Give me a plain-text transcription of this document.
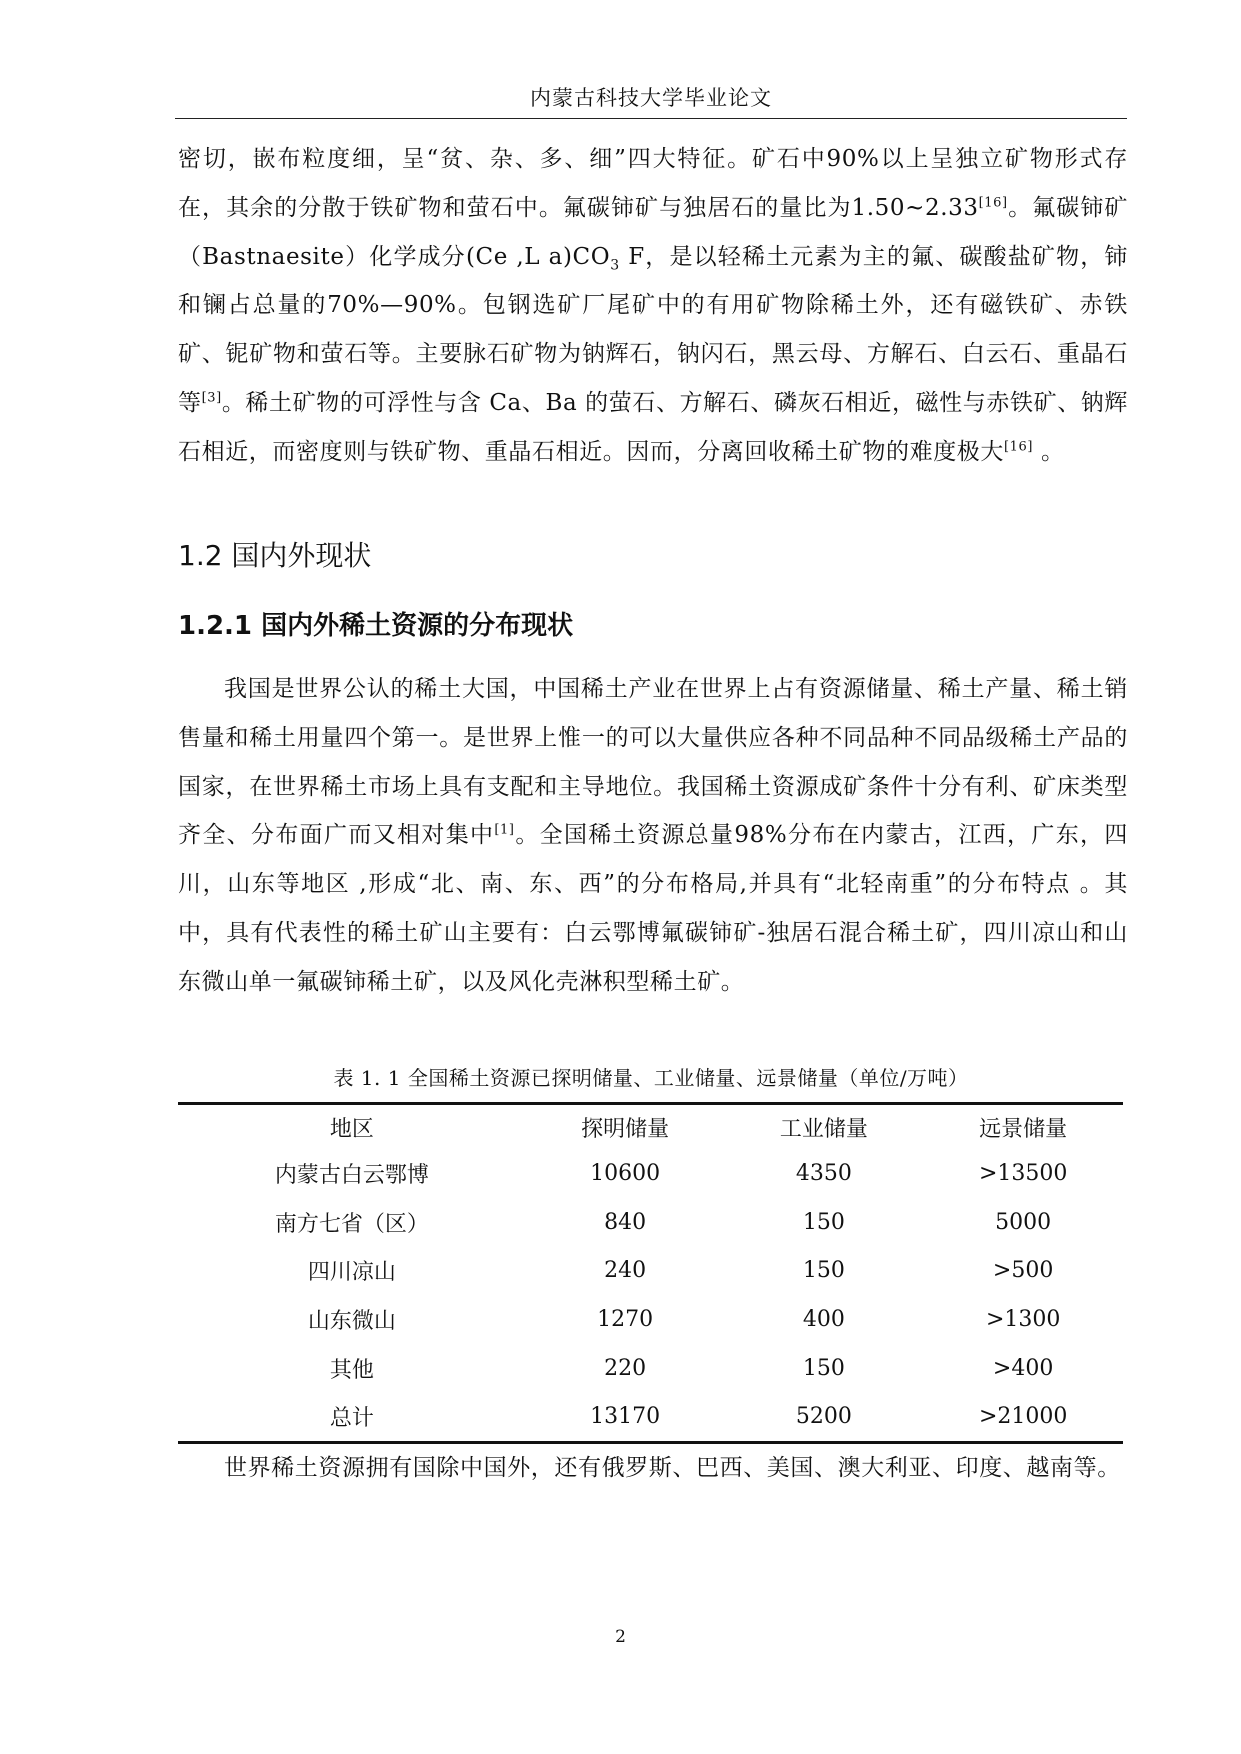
内蒙古科技大学毕业论文

密切，嵌布粒度细，呈“贫、杂、多、细”四大特征。矿石中90%以上呈独立矿物形式存在，其余的分散于铁矿物和萤石中。氟碳铈矿与独居石的量比为1.50~2.33[16]。氟碳铈矿（Bastnaesite）化学成分(Ce ,L $a)CO_3$ F，是以轻稀土元素为主的氟、碳酸盐矿物，铈和镧占总量的70%—90%。包钢选矿厂尾矿中的有用矿物除稀土外，还有磁铁矿、赤铁矿、铌矿物和萤石等。主要脉石矿物为钠辉石，钠闪石，黑云母、方解石、白云石、重晶石等[3]。稀土矿物的可浮性与含 Ca、Ba 的萤石、方解石、磷灰石相近，磁性与赤铁矿、钠辉石相近，而密度则与铁矿物、重晶石相近。因而，分离回收稀土矿物的难度极大[16] 。

1.2 国内外现状
1.2.1 国内外稀土资源的分布现状

我国是世界公认的稀土大国，中国稀土产业在世界上占有资源储量、稀土产量、稀土销售量和稀土用量四个第一。是世界上惟一的可以大量供应各种不同品种不同品级稀土产品的国家，在世界稀土市场上具有支配和主导地位。我国稀土资源成矿条件十分有利、矿床类型齐全、分布面广而又相对集中[1]。全国稀土资源总量98%分布在内蒙古，江西，广东，四川，山东等地区 ,形成“北、南、东、西”的分布格局,并具有“北轻南重”的分布特点 。其中，具有代表性的稀土矿山主要有：白云鄂博氟碳铈矿-独居石混合稀土矿，四川凉山和山东微山单一氟碳铈稀土矿，以及风化壳淋积型稀土矿。

表 1. 1 全国稀土资源已探明储量、工业储量、远景储量（单位/万吨）
地区	探明储量	工业储量	远景储量
内蒙古白云鄂博	10600	4350	>13500
南方七省（区）	840	150	5000
四川凉山	240	150	>500
山东微山	1270	400	>1300
其他	220	150	>400
总计	13170	5200	>21000

世界稀土资源拥有国除中国外，还有俄罗斯、巴西、美国、澳大利亚、印度、越南等。

2
